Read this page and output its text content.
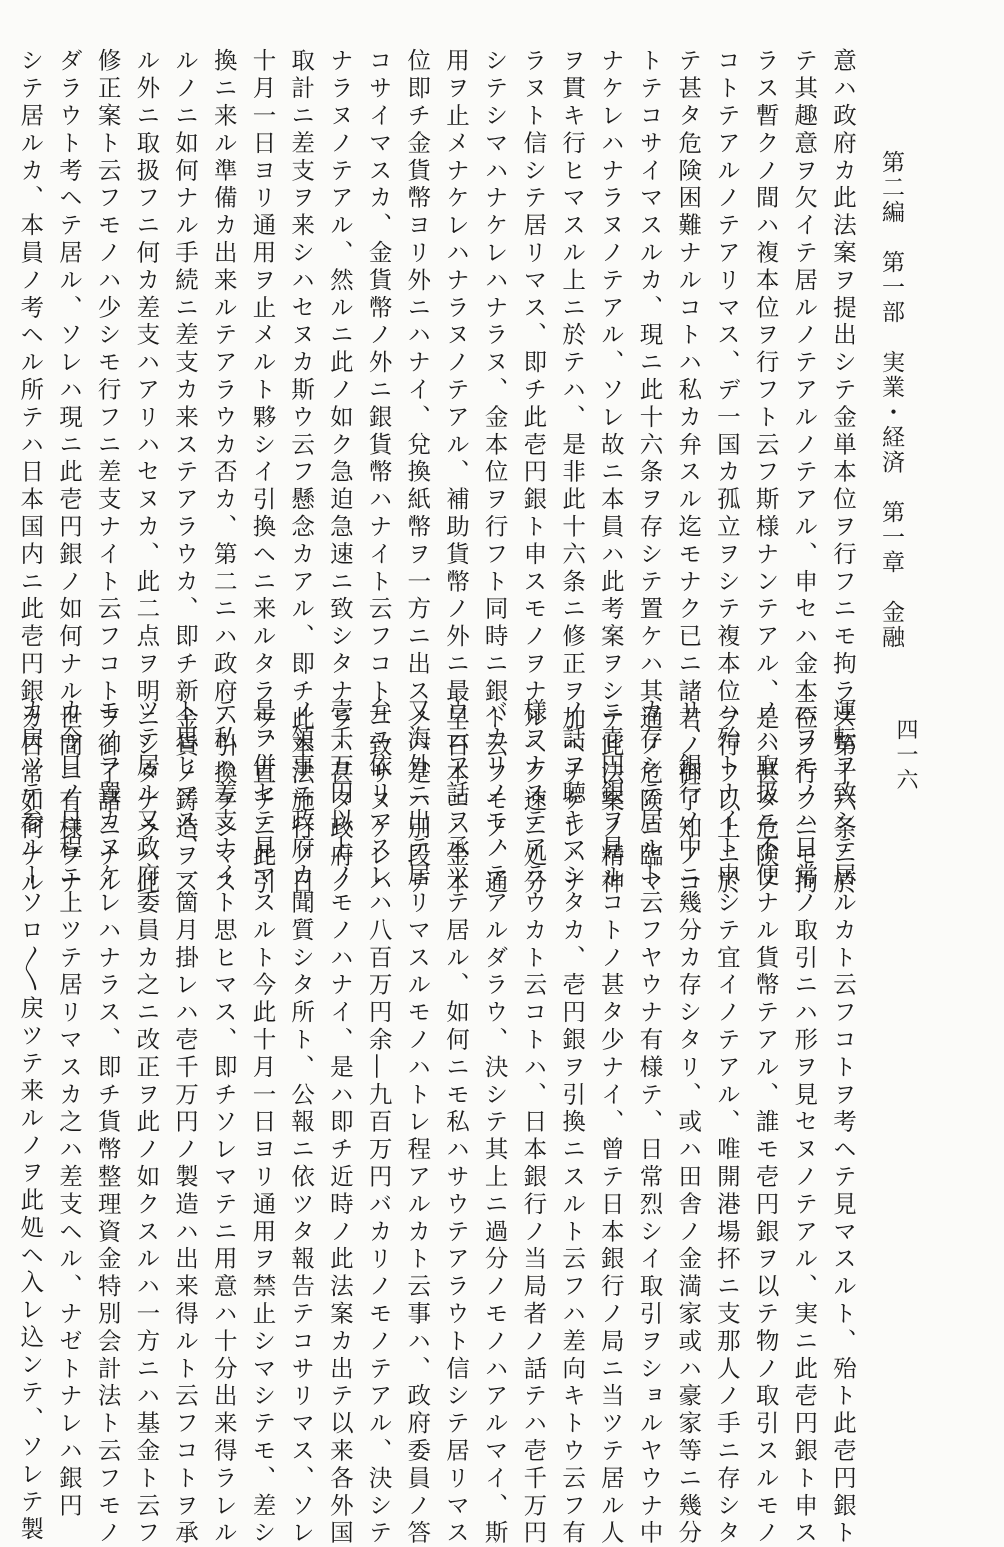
第二編　第一部　実業・経済　第一章　金融
四一六
意ハ政府カ此法案ヲ提出シテ金単本位ヲ行フニモ拘ラス第十六条ニ於
テ其趣意ヲ欠イテ居ルノテアルノテアル、申セハ金本位ヲ行フニモ拘
ラス暫クノ間ハ複本位ヲ行フト云フ斯様ナンテアル、是ハ甚タ危険ノ
コトテアルノテアリマス、デ一国カ孤立ヲシテ複本位ヲ行フ以上ニ於
テ甚タ危険困難ナルコトハ私カ弁スル迄モナク已ニ諸君ノ御了知ノコ
トテコサイマスルカ、現ニ此十六条ヲ存シテ置ケハ其通ノ危険ニ臨マ
ナケレハナラヌノテアル、ソレ故ニ本員ハ此考案ヲシテ此法案ノ精神
ヲ貫キ行ヒマスル上ニ於テハ、是非此十六条ニ修正ヲ加ヘナケレハナ
ラヌト信シテ居リマス、即チ此壱円銀ト申スモノヲナルヘク速ニ処分
シテシマハナケレハナラヌ、金本位ヲ行フト同時ニ銀ト云フモノ、通
用ヲ止メナケレハナラヌノテアル、補助貨幣ノ外ニ最早日本ニハ金本
位即チ金貨幣ヨリ外ニハナイ、兌換紙幣ヲ一方ニ出スノハ是ハ別段テ
コサイマスカ、金貨幣ノ外ニ銀貨幣ハナイト云フコトニ致サヌケレハ
ナラヌノテアル、然ルニ此ノ如ク急迫急速ニ致シタナラハ甚タ政府ノ
取計ニ差支ヲ来シハセヌカ斯ウ云フ懸念カアル、即チ此本法施行ノ日
十月一日ヨリ通用ヲ止メルト夥シイ引換ヘニ来ルタラウ、直チニ此引
換ニ来ル準備カ出来ルテアラウカ否カ、第二ニハ政府ハ引換ヲシマス
ルノニ如何ナル手続ニ差支カ来ステアラウカ、即チ新金貨ノ鋳造ヲス
ル外ニ取扱フニ何カ差支ハアリハセヌカ、此二点ヲ明ニシタナラハ此
修正案ト云フモノハ少シモ行フニ差支ナイト云フコトヲ御了諸ニナル
ダラウト考ヘテ居ル、ソレハ現ニ此壱円銀ノ如何ナル世間ニ有様ヲナ
シテ居ルカ、本員ノ考ヘル所テハ日本国内ニ此壱円銀カ日常如何ナル
運転ヲ致シテ居ルカト云フコトヲ考ヘテ見マスルト、殆ト此壱円銀ト
云フモノハ日常ノ取引ニハ形ヲ見セヌノテアル、実ニ此壱円銀ト申ス
ノハ取扱ニ不便ナル貨幣テアル、誰モ壱円銀ヲ以テ物ノ取引スルモノ
ハ殆トナイト申シテ宜イノテアル、唯開港場抔ニ支那人ノ手ニ存シタ
リ、銀行ノ中ニ幾分カ存シタリ、或ハ田舎ノ金満家或ハ豪家等ニ幾分
カ存シテ居ルト云フヤウナ有様テ、日常烈シイ取引ヲショルヤウナ中
ニ壱円銀ヲ見ルコトノ甚タ少ナイ、曾テ日本銀行ノ局ニ当ツテ居ル人
ノ話ヲ聴キマシタカ、壱円銀ヲ引換ニスルト云フハ差向キトウ云フ有
様ヲナステアラウカト云コトハ、日本銀行ノ当局者ノ話テハ壱千万円
バカリノモノテアルダラウ、決シテ其上ニ過分ノモノハアルマイ、斯
ウ云フ話ヲ承ツテ居ル、如何ニモ私ハサウテアラウト信シテ居リマス
又海外ニ出テ居リマスルモノハトレ程アルカト云事ハ、政府委員ノ答
弁ニ依リマスレハ八百万円余―九百万円バカリノモノテアル、決シテ
壱千万円以上ノモノハナイ、是ハ即チ近時ノ此法案カ出テ以来各外国
ノ領事ニ政府カ聞質シタ所ト、公報ニ依ツタ報告テコサリマス、ソレ
是ヲ併セテ見マスルト今此十月一日ヨリ通用ヲ禁止シマシテモ、差シ
テ私ハ差支ナイト思ヒマス、即チソレマテニ用意ハ十分出来得ラレル
ト思ヒマス、一箇月掛レハ壱千万円ノ製造ハ出来得ルト云フコトヲ承
ツテ居ル又政府委員カ之ニ改正ヲ此ノ如クスルハ一方ニハ基金ト云フ
モノヲ置カヌケレハナラス、即チ貨幣整理資金特別会計法ト云フモノ
カ今日ノ日程ニ上ツテ居リマスカ之ハ差支ヘル、ナゼトナレハ銀円
カ戻ツテ参ルーソロ〳〵戻ツテ来ルノヲ此処ヘ入レ込ンテ、ソレテ製
